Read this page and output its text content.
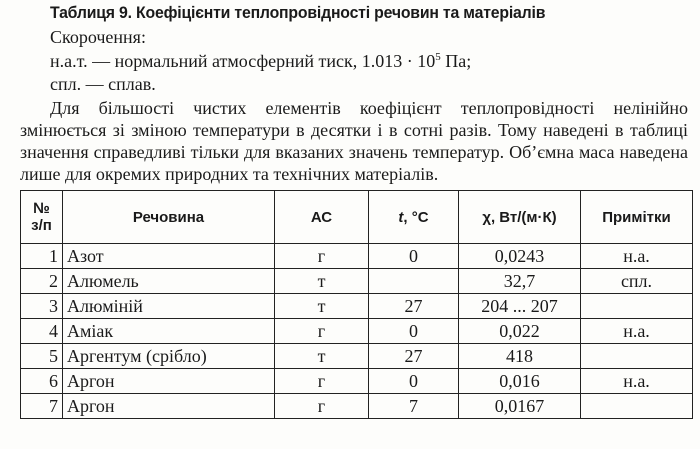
Таблиця 9. Коефіцієнти теплопровідності речовин та матеріалів
Скорочення:
н.а.т. — нормальний атмосферний тиск, $1.013 \cdot 10^5$ Па;
спл. — сплав.
Для більшості чистих елементів коефіцієнт теплопровідності нелінійно змінюється зі зміною температури в десятки і в сотні разів. Тому наведені в таблиці значення справедливі тільки для вказаних значень температур. Об’ємна маса наведена лише для окремих природних та технічних матеріалів.
№
з/п	Речовина	АС	t, °С	χ, Вт/(м·К)	Примітки
1	Азот	г	0	0,0243	н.а.
2	Алюмель	т		32,7	спл.
3	Алюміній	т	27	204 ... 207	
4	Аміак	г	0	0,022	н.а.
5	Аргентум (срібло)	т	27	418	
6	Аргон	г	0	0,016	н.а.
7	Аргон	г	7	0,0167	
